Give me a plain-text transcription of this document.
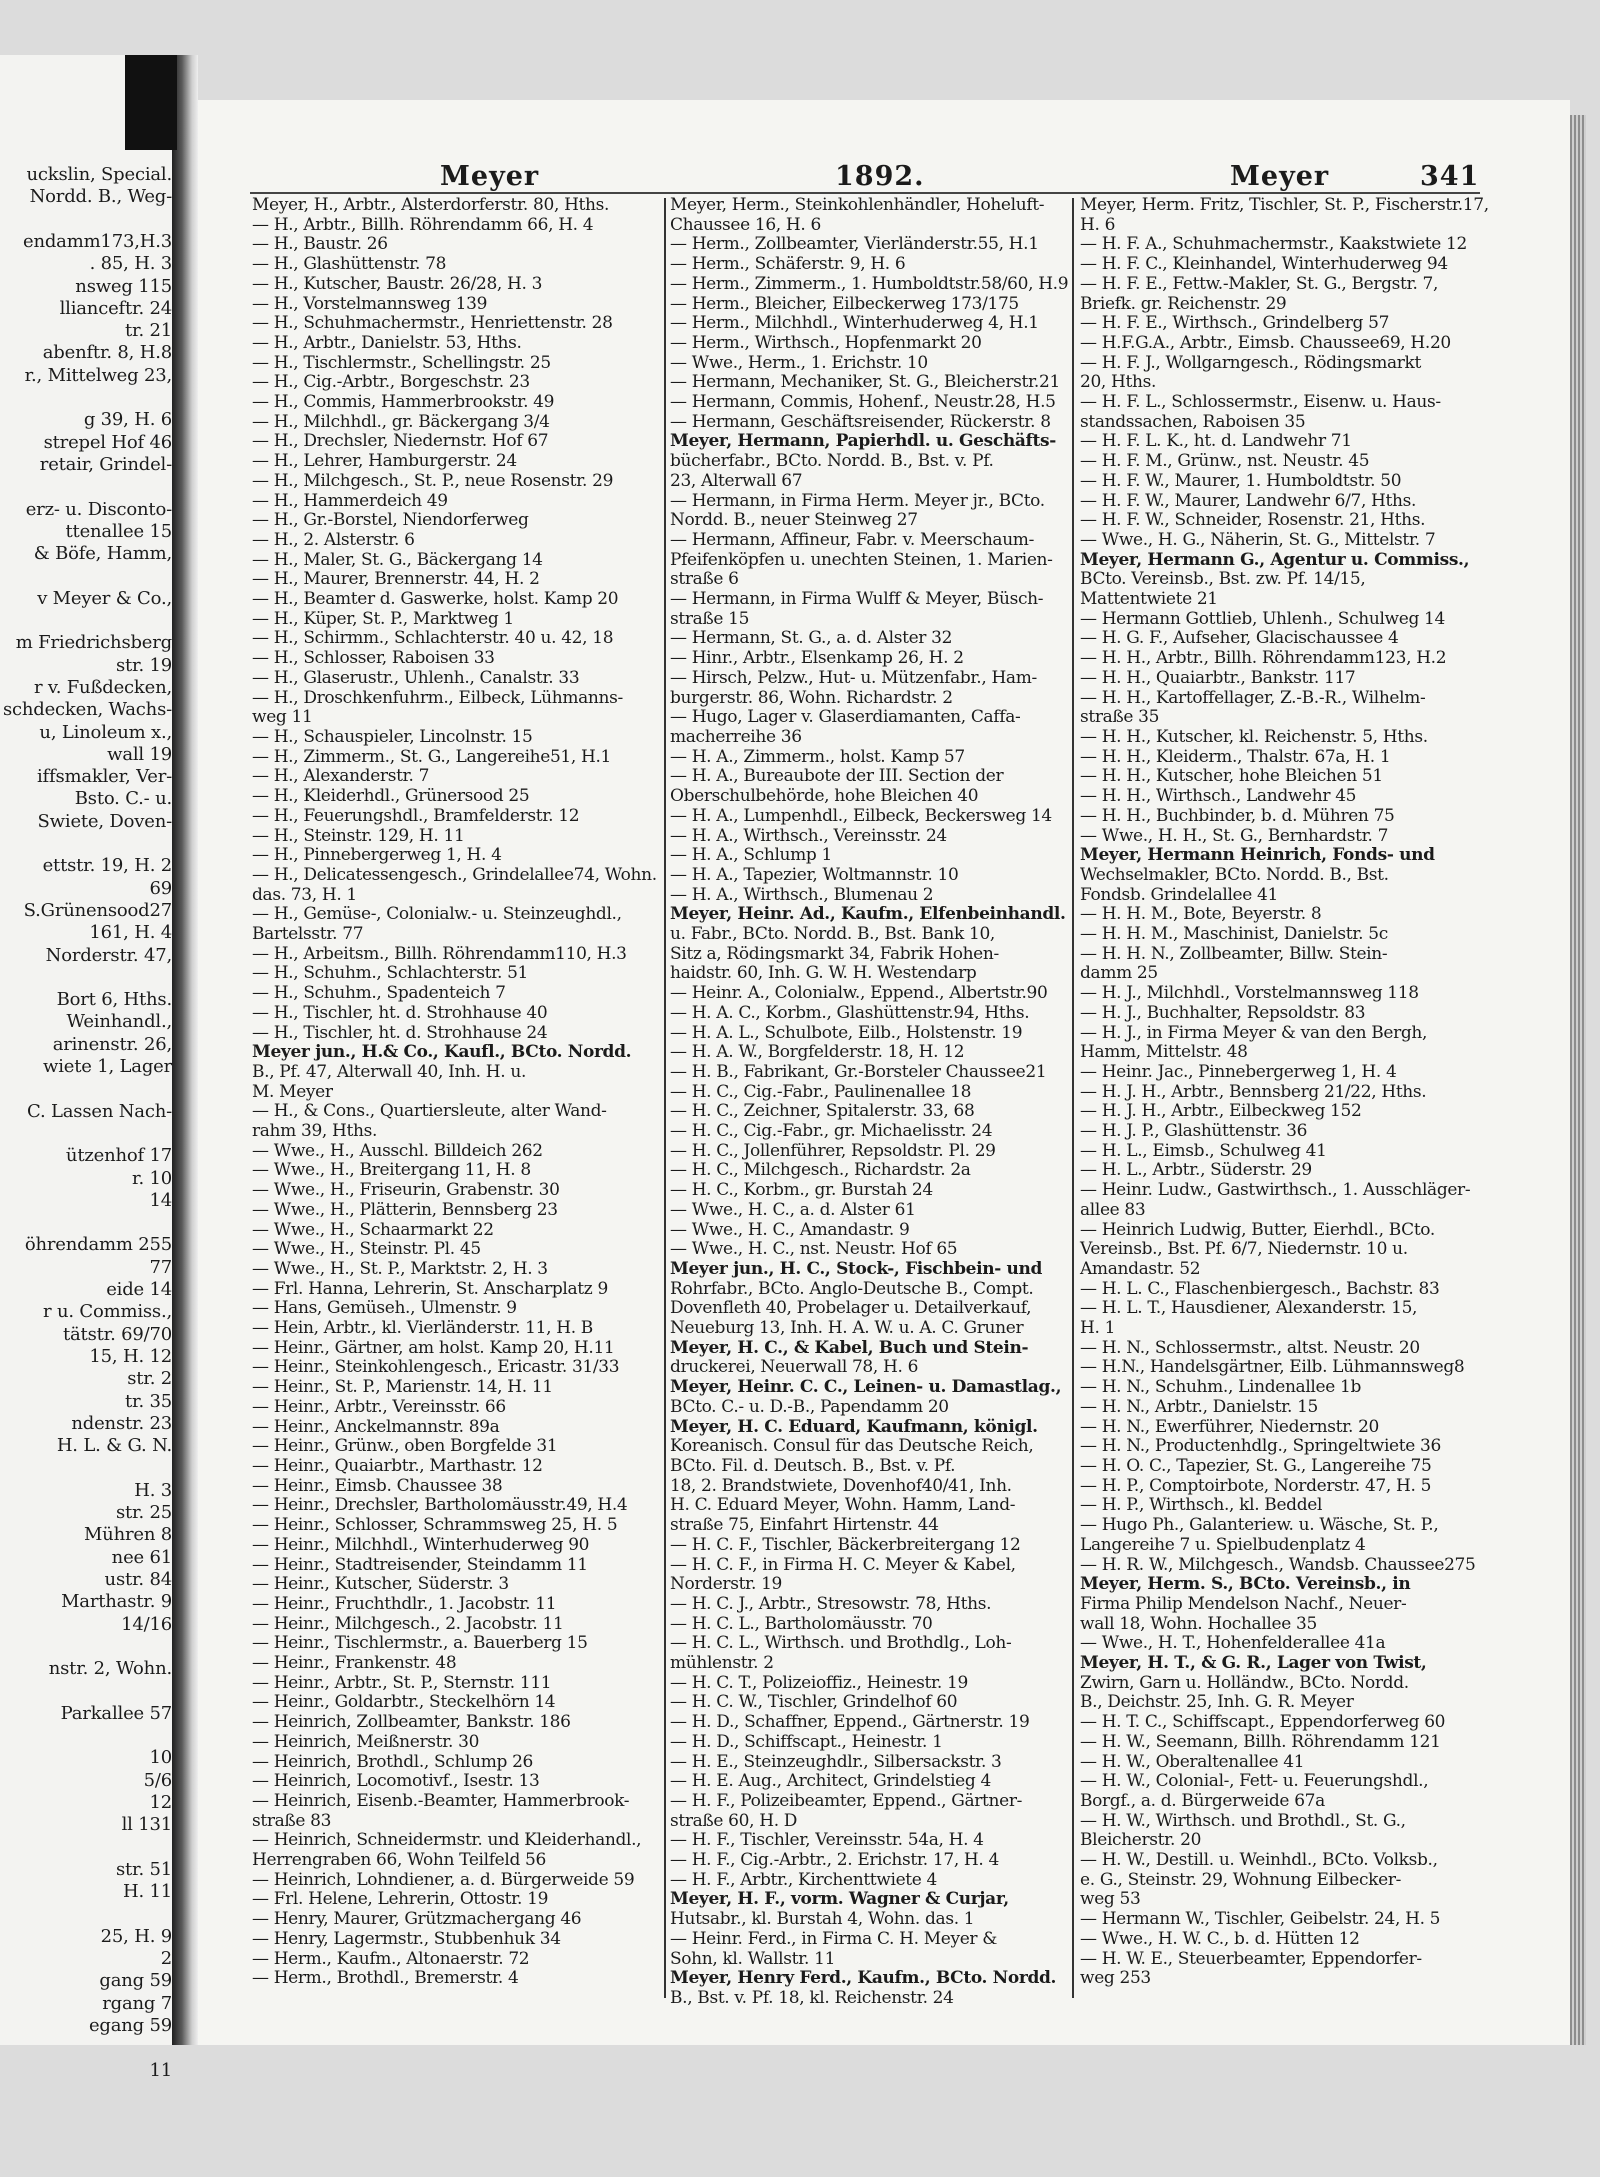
uckslin, Special.
Nordd. B., Weg-
endamm173,H.3
. 85, H. 3
nsweg 115
llianceftr. 24
tr. 21
abenftr. 8, H.8
r., Mittelweg 23,
g 39, H. 6
strepel Hof 46
retair, Grindel-
erz- u. Disconto-
ttenallee 15
& Böfe, Hamm,
v Meyer & Co.,
m Friedrichsberg
str. 19
r v. Fußdecken,
schdecken, Wachs-
u, Linoleum x.,
wall 19
iffsmakler, Ver-
Bsto. C.- u.
Swiete, Doven-
ettstr. 19, H. 2
69
S.Grünensood27
161, H. 4
Norderstr. 47,
Bort 6, Hths.
Weinhandl.,
arinenstr. 26,
wiete 1, Lager
C. Lassen Nach-
ützenhof 17
r. 10
14
öhrendamm 255
77
eide 14
r u. Commiss.,
tätstr. 69/70
15, H. 12
str. 2
tr. 35
ndenstr. 23
H. L. & G. N.
H. 3
str. 25
Mühren 8
nee 61
ustr. 84
Marthastr. 9
14/16
nstr. 2, Wohn.
Parkallee 57
10
5/6
12
ll 131
str. 51
H. 11
25, H. 9
2
gang 59
rgang 7
egang 59
11
Meyer	1892.	Meyer	341
Meyer, H., Arbtr., Alsterdorferstr. 80, Hths.
— H., Arbtr., Billh. Röhrendamm 66, H. 4
— H., Baustr. 26
— H., Glashüttenstr. 78
— H., Kutscher, Baustr. 26/28, H. 3
— H., Vorstelmannsweg 139
— H., Schuhmachermstr., Henriettenstr. 28
— H., Arbtr., Danielstr. 53, Hths.
— H., Tischlermstr., Schellingstr. 25
— H., Cig.-Arbtr., Borgeschstr. 23
— H., Commis, Hammerbrookstr. 49
— H., Milchhdl., gr. Bäckergang 3/4
— H., Drechsler, Niedernstr. Hof 67
— H., Lehrer, Hamburgerstr. 24
— H., Milchgesch., St. P., neue Rosenstr. 29
— H., Hammerdeich 49
— H., Gr.-Borstel, Niendorferweg
— H., 2. Alsterstr. 6
— H., Maler, St. G., Bäckergang 14
— H., Maurer, Brennerstr. 44, H. 2
— H., Beamter d. Gaswerke, holst. Kamp 20
— H., Küper, St. P., Marktweg 1
— H., Schirmm., Schlachterstr. 40 u. 42, 18
— H., Schlosser, Raboisen 33
— H., Glaserustr., Uhlenh., Canalstr. 33
— H., Droschkenfuhrm., Eilbeck, Lühmanns-
weg 11
— H., Schauspieler, Lincolnstr. 15
— H., Zimmerm., St. G., Langereihe51, H.1
— H., Alexanderstr. 7
— H., Kleiderhdl., Grünersood 25
— H., Feuerungshdl., Bramfelderstr. 12
— H., Steinstr. 129, H. 11
— H., Pinnebergerweg 1, H. 4
— H., Delicatessengesch., Grindelallee74, Wohn.
das. 73, H. 1
— H., Gemüse-, Colonialw.- u. Steinzeughdl.,
Bartelsstr. 77
— H., Arbeitsm., Billh. Röhrendamm110, H.3
— H., Schuhm., Schlachterstr. 51
— H., Schuhm., Spadenteich 7
— H., Tischler, ht. d. Strohhause 40
— H., Tischler, ht. d. Strohhause 24
Meyer jun., H.& Co., Kaufl., BCto. Nordd.
B., Pf. 47, Alterwall 40, Inh. H. u.
M. Meyer
— H., & Cons., Quartiersleute, alter Wand-
rahm 39, Hths.
— Wwe., H., Ausschl. Billdeich 262
— Wwe., H., Breitergang 11, H. 8
— Wwe., H., Friseurin, Grabenstr. 30
— Wwe., H., Plätterin, Bennsberg 23
— Wwe., H., Schaarmarkt 22
— Wwe., H., Steinstr. Pl. 45
— Wwe., H., St. P., Marktstr. 2, H. 3
— Frl. Hanna, Lehrerin, St. Anscharplatz 9
— Hans, Gemüseh., Ulmenstr. 9
— Hein, Arbtr., kl. Vierländerstr. 11, H. B
— Heinr., Gärtner, am holst. Kamp 20, H.11
— Heinr., Steinkohlengesch., Ericastr. 31/33
— Heinr., St. P., Marienstr. 14, H. 11
— Heinr., Arbtr., Vereinsstr. 66
— Heinr., Anckelmannstr. 89a
— Heinr., Grünw., oben Borgfelde 31
— Heinr., Quaiarbtr., Marthastr. 12
— Heinr., Eimsb. Chaussee 38
— Heinr., Drechsler, Bartholomäusstr.49, H.4
— Heinr., Schlosser, Schrammsweg 25, H. 5
— Heinr., Milchhdl., Winterhuderweg 90
— Heinr., Stadtreisender, Steindamm 11
— Heinr., Kutscher, Süderstr. 3
— Heinr., Fruchthdlr., 1. Jacobstr. 11
— Heinr., Milchgesch., 2. Jacobstr. 11
— Heinr., Tischlermstr., a. Bauerberg 15
— Heinr., Frankenstr. 48
— Heinr., Arbtr., St. P., Sternstr. 111
— Heinr., Goldarbtr., Steckelhörn 14
— Heinrich, Zollbeamter, Bankstr. 186
— Heinrich, Meißnerstr. 30
— Heinrich, Brothdl., Schlump 26
— Heinrich, Locomotivf., Isestr. 13
— Heinrich, Eisenb.-Beamter, Hammerbrook-
straße 83
— Heinrich, Schneidermstr. und Kleiderhandl.,
Herrengraben 66, Wohn Teilfeld 56
— Heinrich, Lohndiener, a. d. Bürgerweide 59
— Frl. Helene, Lehrerin, Ottostr. 19
— Henry, Maurer, Grützmachergang 46
— Henry, Lagermstr., Stubbenhuk 34
— Herm., Kaufm., Altonaerstr. 72
— Herm., Brothdl., Bremerstr. 4
Meyer, Herm., Steinkohlenhändler, Hoheluft-
Chaussee 16, H. 6
— Herm., Zollbeamter, Vierländerstr.55, H.1
— Herm., Schäferstr. 9, H. 6
— Herm., Zimmerm., 1. Humboldtstr.58/60, H.9
— Herm., Bleicher, Eilbeckerweg 173/175
— Herm., Milchhdl., Winterhuderweg 4, H.1
— Herm., Wirthsch., Hopfenmarkt 20
— Wwe., Herm., 1. Erichstr. 10
— Hermann, Mechaniker, St. G., Bleicherstr.21
— Hermann, Commis, Hohenf., Neustr.28, H.5
— Hermann, Geschäftsreisender, Rückerstr. 8
Meyer, Hermann, Papierhdl. u. Geschäfts-
bücherfabr., BCto. Nordd. B., Bst. v. Pf.
23, Alterwall 67
— Hermann, in Firma Herm. Meyer jr., BCto.
Nordd. B., neuer Steinweg 27
— Hermann, Affineur, Fabr. v. Meerschaum-
Pfeifenköpfen u. unechten Steinen, 1. Marien-
straße 6
— Hermann, in Firma Wulff & Meyer, Büsch-
straße 15
— Hermann, St. G., a. d. Alster 32
— Hinr., Arbtr., Elsenkamp 26, H. 2
— Hirsch, Pelzw., Hut- u. Mützenfabr., Ham-
burgerstr. 86, Wohn. Richardstr. 2
— Hugo, Lager v. Glaserdiamanten, Caffa-
macherreihe 36
— H. A., Zimmerm., holst. Kamp 57
— H. A., Bureaubote der III. Section der
Oberschulbehörde, hohe Bleichen 40
— H. A., Lumpenhdl., Eilbeck, Beckersweg 14
— H. A., Wirthsch., Vereinsstr. 24
— H. A., Schlump 1
— H. A., Tapezier, Woltmannstr. 10
— H. A., Wirthsch., Blumenau 2
Meyer, Heinr. Ad., Kaufm., Elfenbeinhandl.
u. Fabr., BCto. Nordd. B., Bst. Bank 10,
Sitz a, Rödingsmarkt 34, Fabrik Hohen-
haidstr. 60, Inh. G. W. H. Westendarp
— Heinr. A., Colonialw., Eppend., Albertstr.90
— H. A. C., Korbm., Glashüttenstr.94, Hths.
— H. A. L., Schulbote, Eilb., Holstenstr. 19
— H. A. W., Borgfelderstr. 18, H. 12
— H. B., Fabrikant, Gr.-Borsteler Chaussee21
— H. C., Cig.-Fabr., Paulinenallee 18
— H. C., Zeichner, Spitalerstr. 33, 68
— H. C., Cig.-Fabr., gr. Michaelisstr. 24
— H. C., Jollenführer, Repsoldstr. Pl. 29
— H. C., Milchgesch., Richardstr. 2a
— H. C., Korbm., gr. Burstah 24
— Wwe., H. C., a. d. Alster 61
— Wwe., H. C., Amandastr. 9
— Wwe., H. C., nst. Neustr. Hof 65
Meyer jun., H. C., Stock-, Fischbein- und
Rohrfabr., BCto. Anglo-Deutsche B., Compt.
Dovenfleth 40, Probelager u. Detailverkauf,
Neueburg 13, Inh. H. A. W. u. A. C. Gruner
Meyer, H. C., & Kabel, Buch und Stein-
druckerei, Neuerwall 78, H. 6
Meyer, Heinr. C. C., Leinen- u. Damastlag.,
BCto. C.- u. D.-B., Papendamm 20
Meyer, H. C. Eduard, Kaufmann, königl.
Koreanisch. Consul für das Deutsche Reich,
BCto. Fil. d. Deutsch. B., Bst. v. Pf.
18, 2. Brandstwiete, Dovenhof40/41, Inh.
H. C. Eduard Meyer, Wohn. Hamm, Land-
straße 75, Einfahrt Hirtenstr. 44
— H. C. F., Tischler, Bäckerbreitergang 12
— H. C. F., in Firma H. C. Meyer & Kabel,
Norderstr. 19
— H. C. J., Arbtr., Stresowstr. 78, Hths.
— H. C. L., Bartholomäusstr. 70
— H. C. L., Wirthsch. und Brothdlg., Loh-
mühlenstr. 2
— H. C. T., Polizeioffiz., Heinestr. 19
— H. C. W., Tischler, Grindelhof 60
— H. D., Schaffner, Eppend., Gärtnerstr. 19
— H. D., Schiffscapt., Heinestr. 1
— H. E., Steinzeughdlr., Silbersackstr. 3
— H. E. Aug., Architect, Grindelstieg 4
— H. F., Polizeibeamter, Eppend., Gärtner-
straße 60, H. D
— H. F., Tischler, Vereinsstr. 54a, H. 4
— H. F., Cig.-Arbtr., 2. Erichstr. 17, H. 4
— H. F., Arbtr., Kirchenttwiete 4
Meyer, H. F., vorm. Wagner & Curjar,
Hutsabr., kl. Burstah 4, Wohn. das. 1
— Heinr. Ferd., in Firma C. H. Meyer &
Sohn, kl. Wallstr. 11
Meyer, Henry Ferd., Kaufm., BCto. Nordd.
B., Bst. v. Pf. 18, kl. Reichenstr. 24
Meyer, Herm. Fritz, Tischler, St. P., Fischerstr.17,
H. 6
— H. F. A., Schuhmachermstr., Kaakstwiete 12
— H. F. C., Kleinhandel, Winterhuderweg 94
— H. F. E., Fettw.-Makler, St. G., Bergstr. 7,
Briefk. gr. Reichenstr. 29
— H. F. E., Wirthsch., Grindelberg 57
— H.F.G.A., Arbtr., Eimsb. Chaussee69, H.20
— H. F. J., Wollgarngesch., Rödingsmarkt
20, Hths.
— H. F. L., Schlossermstr., Eisenw. u. Haus-
standssachen, Raboisen 35
— H. F. L. K., ht. d. Landwehr 71
— H. F. M., Grünw., nst. Neustr. 45
— H. F. W., Maurer, 1. Humboldtstr. 50
— H. F. W., Maurer, Landwehr 6/7, Hths.
— H. F. W., Schneider, Rosenstr. 21, Hths.
— Wwe., H. G., Näherin, St. G., Mittelstr. 7
Meyer, Hermann G., Agentur u. Commiss.,
BCto. Vereinsb., Bst. zw. Pf. 14/15,
Mattentwiete 21
— Hermann Gottlieb, Uhlenh., Schulweg 14
— H. G. F., Aufseher, Glacischaussee 4
— H. H., Arbtr., Billh. Röhrendamm123, H.2
— H. H., Quaiarbtr., Bankstr. 117
— H. H., Kartoffellager, Z.-B.-R., Wilhelm-
straße 35
— H. H., Kutscher, kl. Reichenstr. 5, Hths.
— H. H., Kleiderm., Thalstr. 67a, H. 1
— H. H., Kutscher, hohe Bleichen 51
— H. H., Wirthsch., Landwehr 45
— H. H., Buchbinder, b. d. Mühren 75
— Wwe., H. H., St. G., Bernhardstr. 7
Meyer, Hermann Heinrich, Fonds- und
Wechselmakler, BCto. Nordd. B., Bst.
Fondsb. Grindelallee 41
— H. H. M., Bote, Beyerstr. 8
— H. H. M., Maschinist, Danielstr. 5c
— H. H. N., Zollbeamter, Billw. Stein-
damm 25
— H. J., Milchhdl., Vorstelmannsweg 118
— H. J., Buchhalter, Repsoldstr. 83
— H. J., in Firma Meyer & van den Bergh,
Hamm, Mittelstr. 48
— Heinr. Jac., Pinnebergerweg 1, H. 4
— H. J. H., Arbtr., Bennsberg 21/22, Hths.
— H. J. H., Arbtr., Eilbeckweg 152
— H. J. P., Glashüttenstr. 36
— H. L., Eimsb., Schulweg 41
— H. L., Arbtr., Süderstr. 29
— Heinr. Ludw., Gastwirthsch., 1. Ausschläger-
allee 83
— Heinrich Ludwig, Butter, Eierhdl., BCto.
Vereinsb., Bst. Pf. 6/7, Niedernstr. 10 u.
Amandastr. 52
— H. L. C., Flaschenbiergesch., Bachstr. 83
— H. L. T., Hausdiener, Alexanderstr. 15,
H. 1
— H. N., Schlossermstr., altst. Neustr. 20
— H.N., Handelsgärtner, Eilb. Lühmannsweg8
— H. N., Schuhm., Lindenallee 1b
— H. N., Arbtr., Danielstr. 15
— H. N., Ewerführer, Niedernstr. 20
— H. N., Productenhdlg., Springeltwiete 36
— H. O. C., Tapezier, St. G., Langereihe 75
— H. P., Comptoirbote, Norderstr. 47, H. 5
— H. P., Wirthsch., kl. Beddel
— Hugo Ph., Galanteriew. u. Wäsche, St. P.,
Langereihe 7 u. Spielbudenplatz 4
— H. R. W., Milchgesch., Wandsb. Chaussee275
Meyer, Herm. S., BCto. Vereinsb., in
Firma Philip Mendelson Nachf., Neuer-
wall 18, Wohn. Hochallee 35
— Wwe., H. T., Hohenfelderallee 41a
Meyer, H. T., & G. R., Lager von Twist,
Zwirn, Garn u. Holländw., BCto. Nordd.
B., Deichstr. 25, Inh. G. R. Meyer
— H. T. C., Schiffscapt., Eppendorferweg 60
— H. W., Seemann, Billh. Röhrendamm 121
— H. W., Oberaltenallee 41
— H. W., Colonial-, Fett- u. Feuerungshdl.,
Borgf., a. d. Bürgerweide 67a
— H. W., Wirthsch. und Brothdl., St. G.,
Bleicherstr. 20
— H. W., Destill. u. Weinhdl., BCto. Volksb.,
e. G., Steinstr. 29, Wohnung Eilbecker-
weg 53
— Hermann W., Tischler, Geibelstr. 24, H. 5
— Wwe., H. W. C., b. d. Hütten 12
— H. W. E., Steuerbeamter, Eppendorfer-
weg 253
